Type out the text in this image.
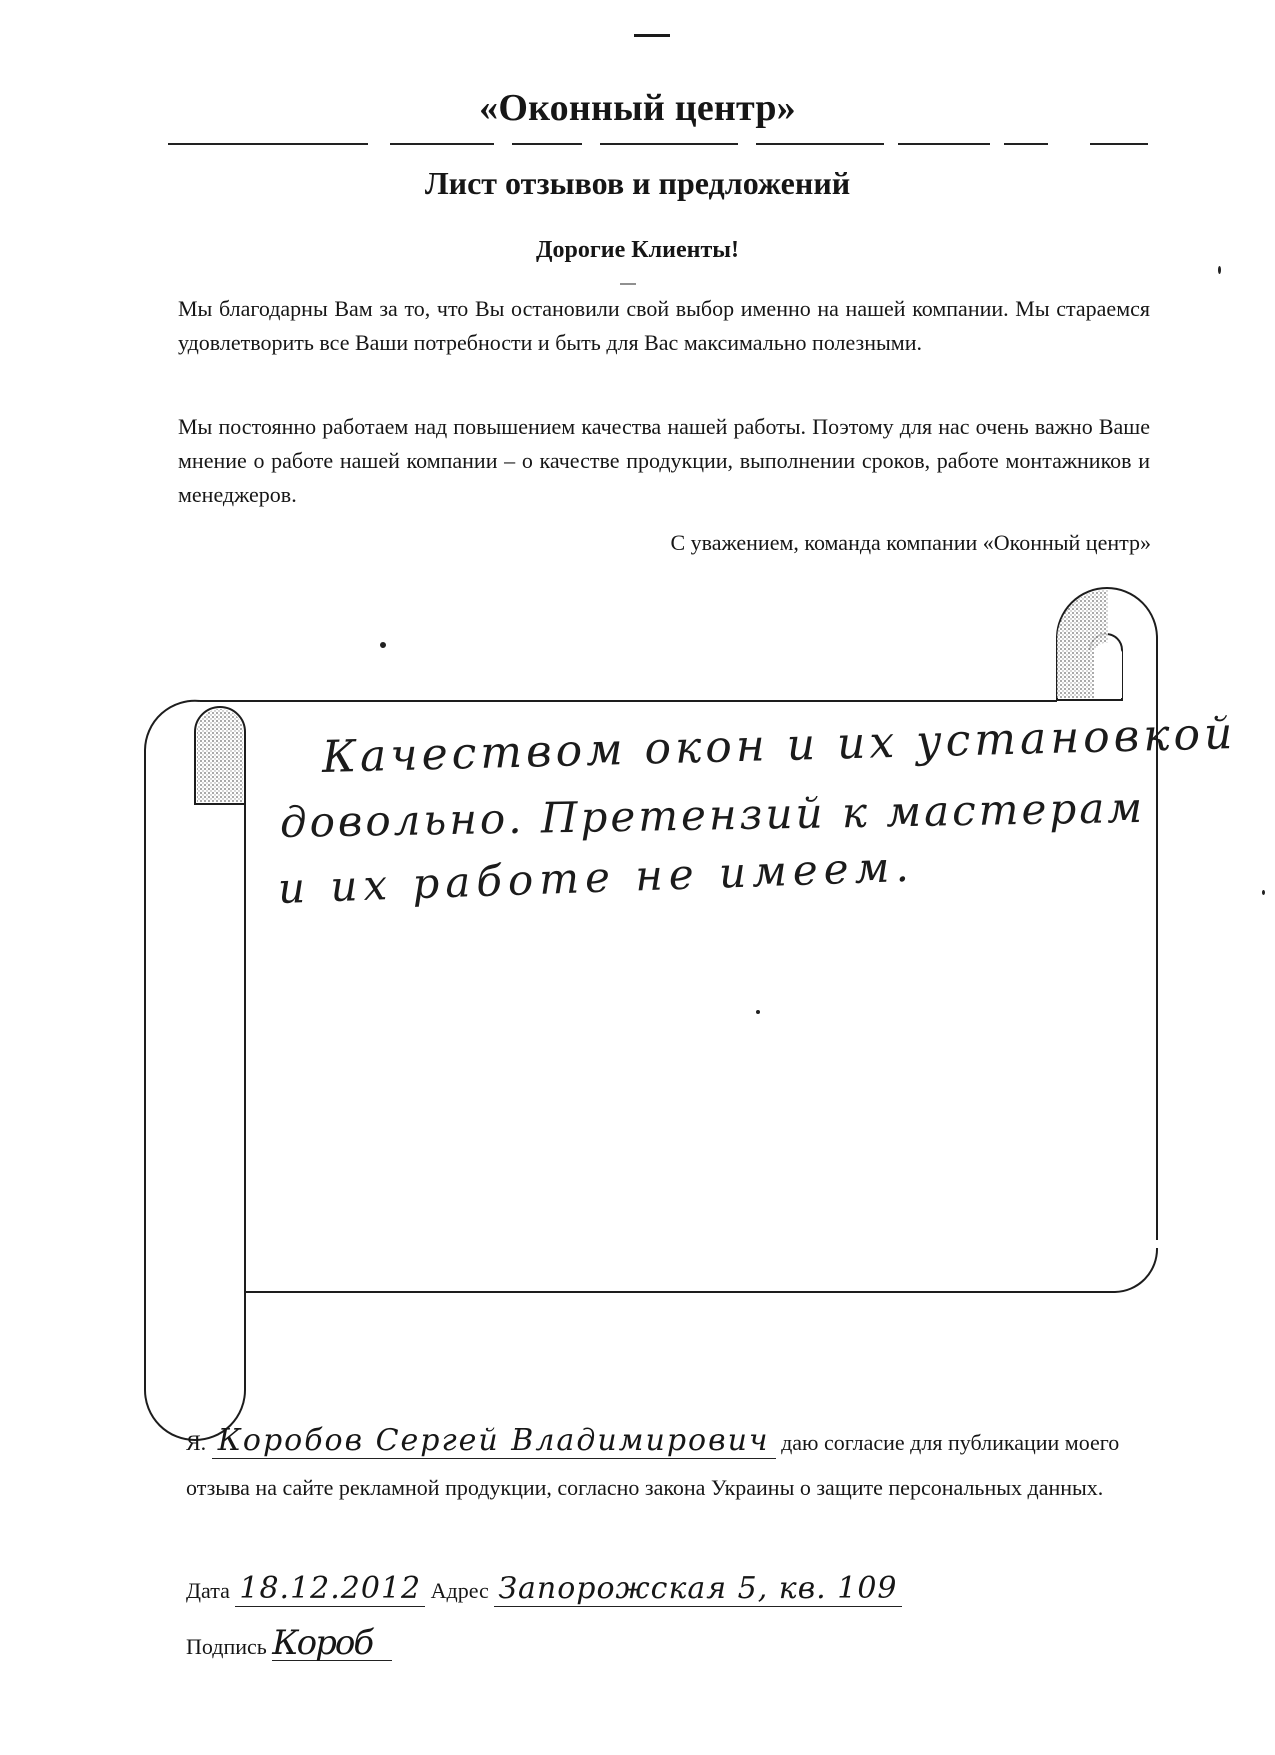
«Оконный центр»
Лист отзывов и предложений
Дорогие Клиенты!

Мы благодарны Вам за то, что Вы остановили свой выбор именно на нашей компании. Мы стараемся удовлетворить все Ваши потребности и быть для Вас максимально полезными.

Мы постоянно работаем над повышением качества нашей работы. Поэтому для нас очень важно Ваше мнение о работе нашей компании – о качестве продукции, выполнении сроков, работе монтажников и менеджеров.

С уважением, команда компании «Оконный центр»
Качеством окон и их установкой
довольно. Претензий к мастерам
и их работе не имеем.

Я. Коробов Сергей Владимирович даю согласие для публикации моего отзыва на сайте рекламной продукции, согласно закона Украины о защите персональных данных.

Дата 18.12.2012 Адрес Запорожская 5, кв. 109
Подпись Короб
